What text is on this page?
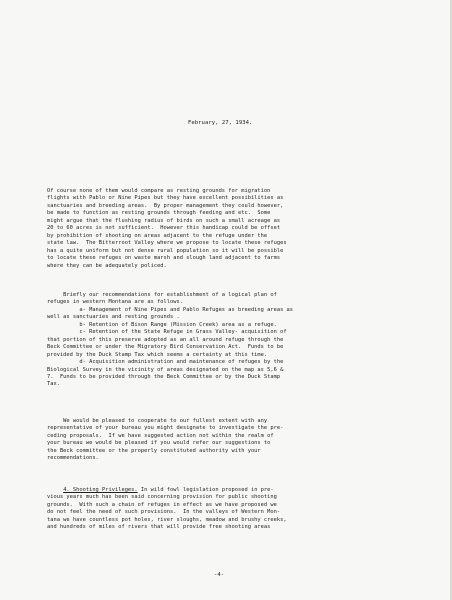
February, 27, 1934.
Of course none of them would compare as resting grounds for migration
flights with Pablo or Nine Pipes but they have excellent possibilities as
sanctuaries and breeding areas.  By proper management they could however,
be made to function as resting grounds through feeding and etc.  Some
might argue that the flushing radius of birds on such a small acreage as
20 to 60 acres is not sufficient.  However this handicap could be offset
by prohibition of shooting on areas adjacent to the refuge under the
state law.  The Bitterroot Valley where we propose to locate these refuges
has a quite uniform but not dense rural population so it will be possible
to locate these refuges on waste marsh and slough land adjacent to farms
where they can be adequately policed.
Briefly our recommendations for establishment of a logical plan of
refuges in western Montana are as follows.
a- Management of Nine Pipes and Pablo Refuges as breeding areas as
well as sanctuaries and resting grounds .
b- Retention of Bison Range (Mission Creek) area as a refuge.
c- Retention of the State Refuge in Grass Valley- acquisition of
that portion of this preserve adopted as an all around refuge through the
Beck Committee or under the Migratory Bird Conservation Act.  Funds to be
provided by the Duck Stamp Tax which seems a certainty at this time.
d- Acquisition administration and maintenance of refuges by the
Biological Survey in the vicinity of areas designated on the map as 5,6 &
7.  Funds to be provided through the Beck Committee or by the Duck Stamp
Tax.
We would be pleased to cooperate to our fullest extent with any
representative of your bureau you might designate to investigate the pre-
ceding proposals.  If we have suggested action not within the realm of
your bureau we would be pleased if you would refer our suggestions to
the Beck committee or the properly constituted authority with your
recommendations.
4. Shooting Privileges. In wild fowl legislation proposed in pre-
vious years much has been said concerning provision for public shooting
grounds.  With such a chain of refuges in effect as we have proposed we
do not feel the need of such provisions.  In the valleys of Western Mon-
tana we have countless pot holes, river sloughs, meadow and brushy creeks,
and hundreds of miles of rivers that will provide free shooting areas
-4-
